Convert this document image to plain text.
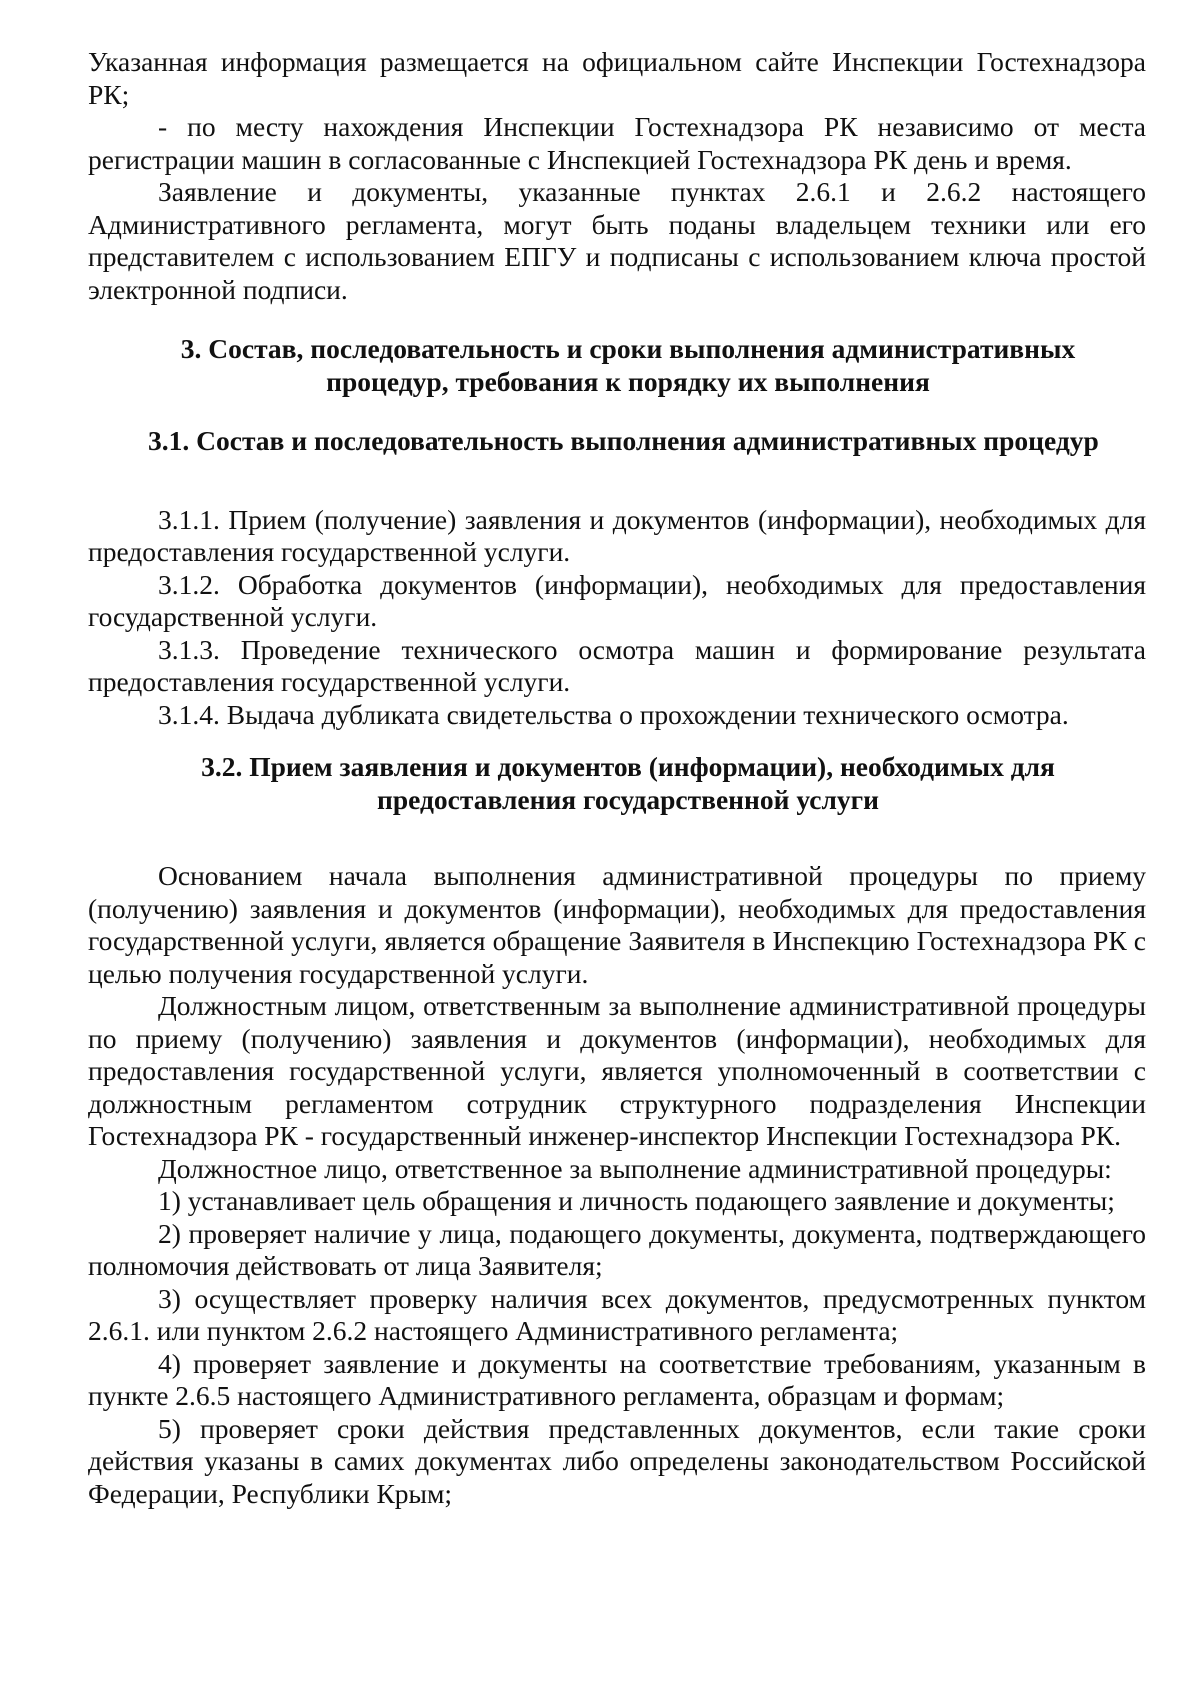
Указанная информация размещается на официальном сайте Инспекции Гостехнадзора РК;

- по месту нахождения Инспекции Гостехнадзора РК независимо от места регистрации машин в согласованные с Инспекцией Гостехнадзора РК день и время.

Заявление и документы, указанные пунктах 2.6.1 и 2.6.2 настоящего Административного регламента, могут быть поданы владельцем техники или его представителем с использованием ЕПГУ и подписаны с использованием ключа простой электронной подписи.

3. Состав, последовательность и сроки выполнения административных
процедур, требования к порядку их выполнения
3.1. Состав и последовательность выполнения административных процедур

3.1.1. Прием (получение) заявления и документов (информации), необходимых для предоставления государственной услуги.

3.1.2. Обработка документов (информации), необходимых для предоставления государственной услуги.

3.1.3. Проведение технического осмотра машин и формирование результата предоставления государственной услуги.

3.1.4. Выдача дубликата свидетельства о прохождении технического осмотра.

3.2. Прием заявления и документов (информации), необходимых для
предоставления государственной услуги

Основанием начала выполнения административной процедуры по приему (получению) заявления и документов (информации), необходимых для предоставления государственной услуги, является обращение Заявителя в Инспекцию Гостехнадзора РК с целью получения государственной услуги.

Должностным лицом, ответственным за выполнение административной процедуры по приему (получению) заявления и документов (информации), необходимых для предоставления государственной услуги, является уполномоченный в соответствии с должностным регламентом сотрудник структурного подразделения Инспекции Гостехнадзора РК - государственный инженер-инспектор Инспекции Гостехнадзора РК.

Должностное лицо, ответственное за выполнение административной процедуры:

1) устанавливает цель обращения и личность подающего заявление и документы;

2) проверяет наличие у лица, подающего документы, документа, подтверждающего полномочия действовать от лица Заявителя;

3) осуществляет проверку наличия всех документов, предусмотренных пунктом 2.6.1. или пунктом 2.6.2 настоящего Административного регламента;

4) проверяет заявление и документы на соответствие требованиям, указанным в пункте 2.6.5 настоящего Административного регламента, образцам и формам;

5) проверяет сроки действия представленных документов, если такие сроки действия указаны в самих документах либо определены законодательством Российской Федерации, Республики Крым;
